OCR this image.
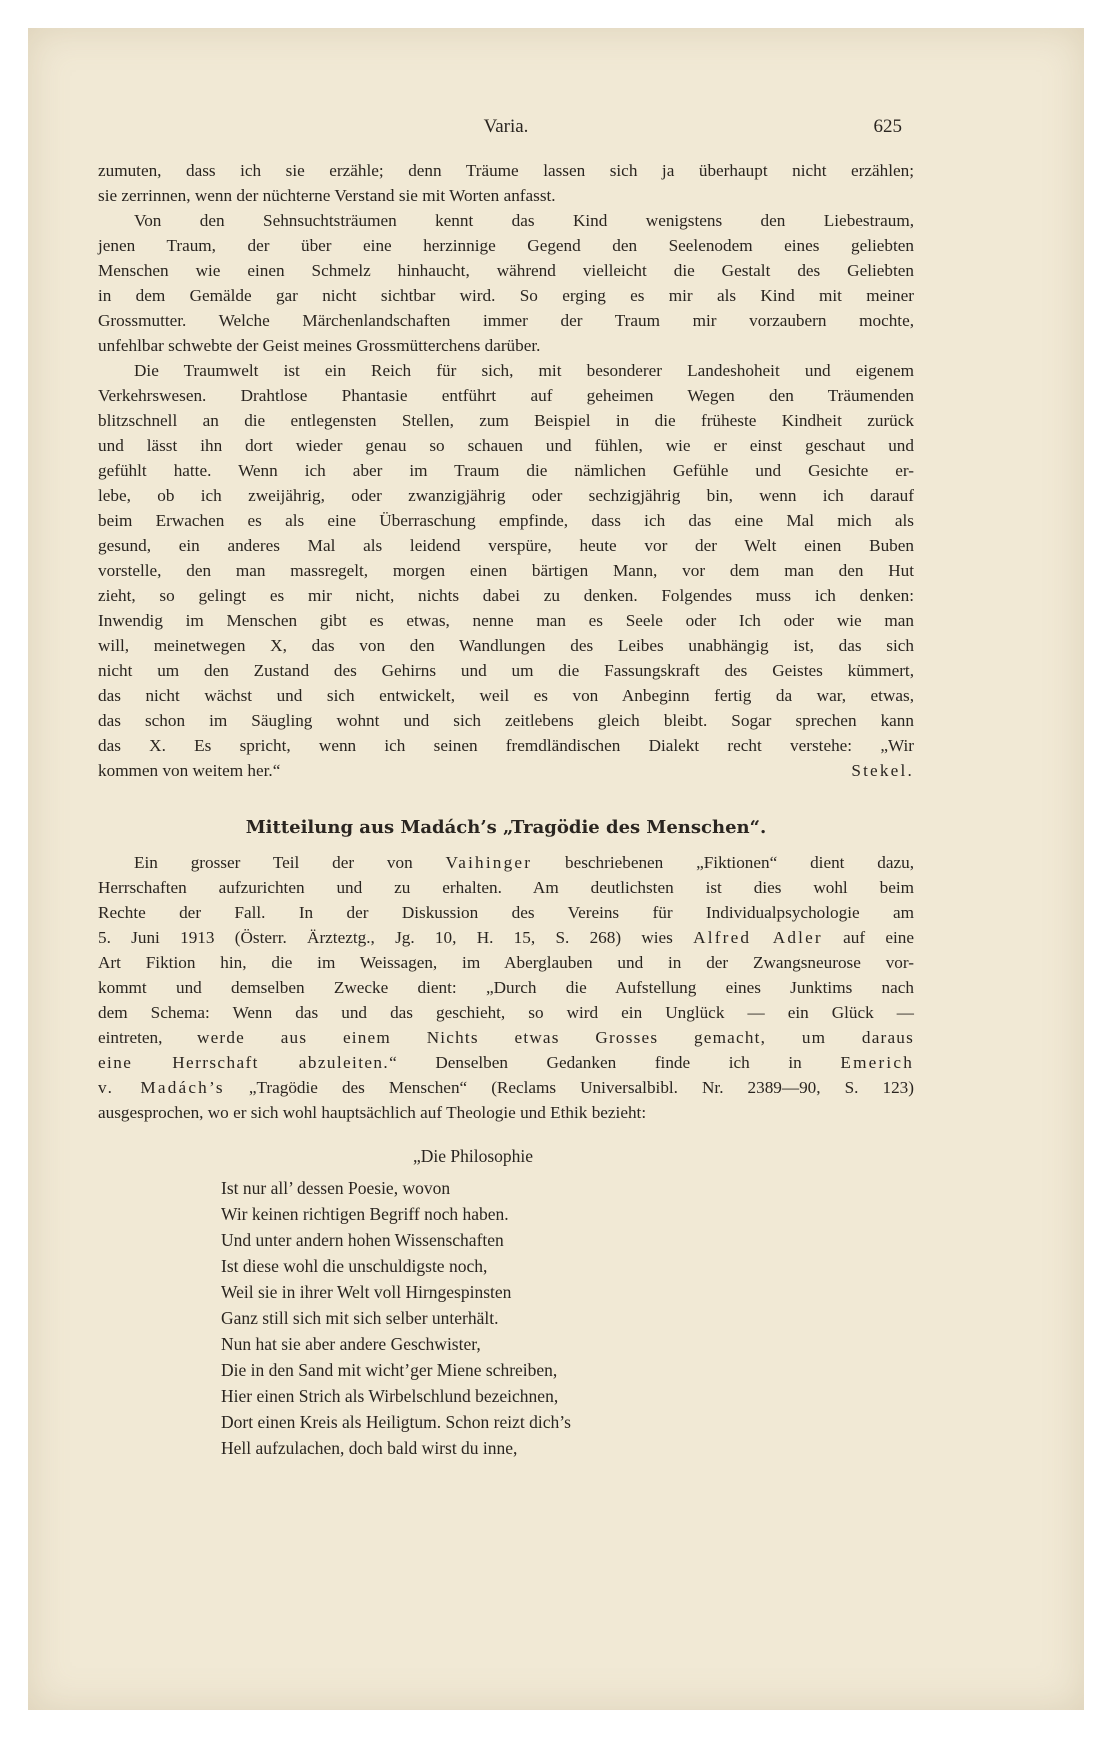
Varia.	625
zumuten, dass ich sie erzähle; denn Träume lassen sich ja überhaupt nicht erzählen;
sie zerrinnen, wenn der nüchterne Verstand sie mit Worten anfasst.
Von den Sehnsuchtsträumen kennt das Kind wenigstens den Liebestraum,
jenen Traum, der über eine herzinnige Gegend den Seelenodem eines geliebten
Menschen wie einen Schmelz hinhaucht, während vielleicht die Gestalt des Geliebten
in dem Gemälde gar nicht sichtbar wird. So erging es mir als Kind mit meiner
Grossmutter. Welche Märchenlandschaften immer der Traum mir vorzaubern mochte,
unfehlbar schwebte der Geist meines Grossmütterchens darüber.
Die Traumwelt ist ein Reich für sich, mit besonderer Landeshoheit und eigenem
Verkehrswesen. Drahtlose Phantasie entführt auf geheimen Wegen den Träumenden
blitzschnell an die entlegensten Stellen, zum Beispiel in die früheste Kindheit zurück
und lässt ihn dort wieder genau so schauen und fühlen, wie er einst geschaut und
gefühlt hatte. Wenn ich aber im Traum die nämlichen Gefühle und Gesichte er-
lebe, ob ich zweijährig, oder zwanzigjährig oder sechzigjährig bin, wenn ich darauf
beim Erwachen es als eine Überraschung empfinde, dass ich das eine Mal mich als
gesund, ein anderes Mal als leidend verspüre, heute vor der Welt einen Buben
vorstelle, den man massregelt, morgen einen bärtigen Mann, vor dem man den Hut
zieht, so gelingt es mir nicht, nichts dabei zu denken. Folgendes muss ich denken:
Inwendig im Menschen gibt es etwas, nenne man es Seele oder Ich oder wie man
will, meinetwegen X, das von den Wandlungen des Leibes unabhängig ist, das sich
nicht um den Zustand des Gehirns und um die Fassungskraft des Geistes kümmert,
das nicht wächst und sich entwickelt, weil es von Anbeginn fertig da war, etwas,
das schon im Säugling wohnt und sich zeitlebens gleich bleibt. Sogar sprechen kann
das X. Es spricht, wenn ich seinen fremdländischen Dialekt recht verstehe: „Wir
kommen von weitem her.“	Stekel.
Mitteilung aus Madách’s „Tragödie des Menschen“.
Ein grosser Teil der von Vaihinger beschriebenen „Fiktionen“ dient dazu,
Herrschaften aufzurichten und zu erhalten. Am deutlichsten ist dies wohl beim
Rechte der Fall. In der Diskussion des Vereins für Individualpsychologie am
5. Juni 1913 (Österr. Ärzteztg., Jg. 10, H. 15, S. 268) wies Alfred Adler auf eine
Art Fiktion hin, die im Weissagen, im Aberglauben und in der Zwangsneurose vor-
kommt und demselben Zwecke dient: „Durch die Aufstellung eines Junktims nach
dem Schema: Wenn das und das geschieht, so wird ein Unglück — ein Glück —
eintreten, werde aus einem Nichts etwas Grosses gemacht, um daraus
eine Herrschaft abzuleiten.“ Denselben Gedanken finde ich in Emerich
v. Madách’s „Tragödie des Menschen“ (Reclams Universalbibl. Nr. 2389—90, S. 123)
ausgesprochen, wo er sich wohl hauptsächlich auf Theologie und Ethik bezieht:
„Die Philosophie
Ist nur all’ dessen Poesie, wovon
Wir keinen richtigen Begriff noch haben.
Und unter andern hohen Wissenschaften
Ist diese wohl die unschuldigste noch,
Weil sie in ihrer Welt voll Hirngespinsten
Ganz still sich mit sich selber unterhält.
Nun hat sie aber andere Geschwister,
Die in den Sand mit wicht’ger Miene schreiben,
Hier einen Strich als Wirbelschlund bezeichnen,
Dort einen Kreis als Heiligtum. Schon reizt dich’s
Hell aufzulachen, doch bald wirst du inne,
